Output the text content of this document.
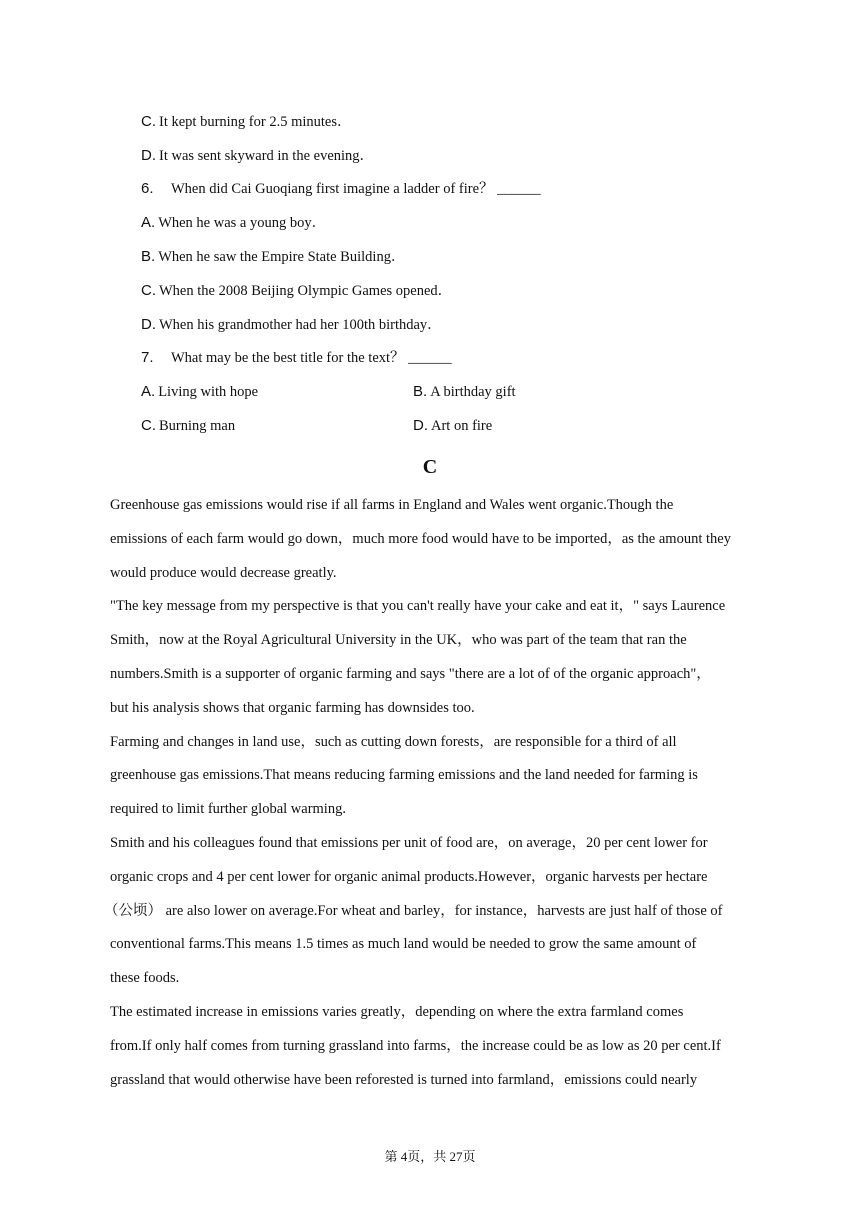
C. It kept burning for 2.5 minutes．
D. It was sent skyward in the evening．
6. When did Cai Guoqiang first imagine a ladder of fire？ ______
A. When he was a young boy．
B. When he saw the Empire State Building．
C. When the 2008 Beijing Olympic Games opened．
D. When his grandmother had her 100th birthday．
7. What may be the best title for the text？ ______
A. Living with hope	B. A birthday gift
C. Burning man	D. Art on fire
C
Greenhouse gas emissions would rise if all farms in England and Wales went organic.Though the
emissions of each farm would go down，much more food would have to be imported，as the amount they
would produce would decrease greatly.
"The key message from my perspective is that you can't really have your cake and eat it，" says Laurence
Smith，now at the Royal Agricultural University in the UK，who was part of the team that ran the
numbers.Smith is a supporter of organic farming and says "there are a lot of of the organic approach"，
but his analysis shows that organic farming has downsides too.
Farming and changes in land use，such as cutting down forests，are responsible for a third of all
greenhouse gas emissions.That means reducing farming emissions and the land needed for farming is
required to limit further global warming.
Smith and his colleagues found that emissions per unit of food are，on average，20 per cent lower for
organic crops and 4 per cent lower for organic animal products.However，organic harvests per hectare
（公顷） are also lower on average.For wheat and barley，for instance，harvests are just half of those of
conventional farms.This means 1.5 times as much land would be needed to grow the same amount of
these foods.
The estimated increase in emissions varies greatly，depending on where the extra farmland comes
from.If only half comes from turning grassland into farms，the increase could be as low as 20 per cent.If
grassland that would otherwise have been reforested is turned into farmland，emissions could nearly
第 4页，共 27页
